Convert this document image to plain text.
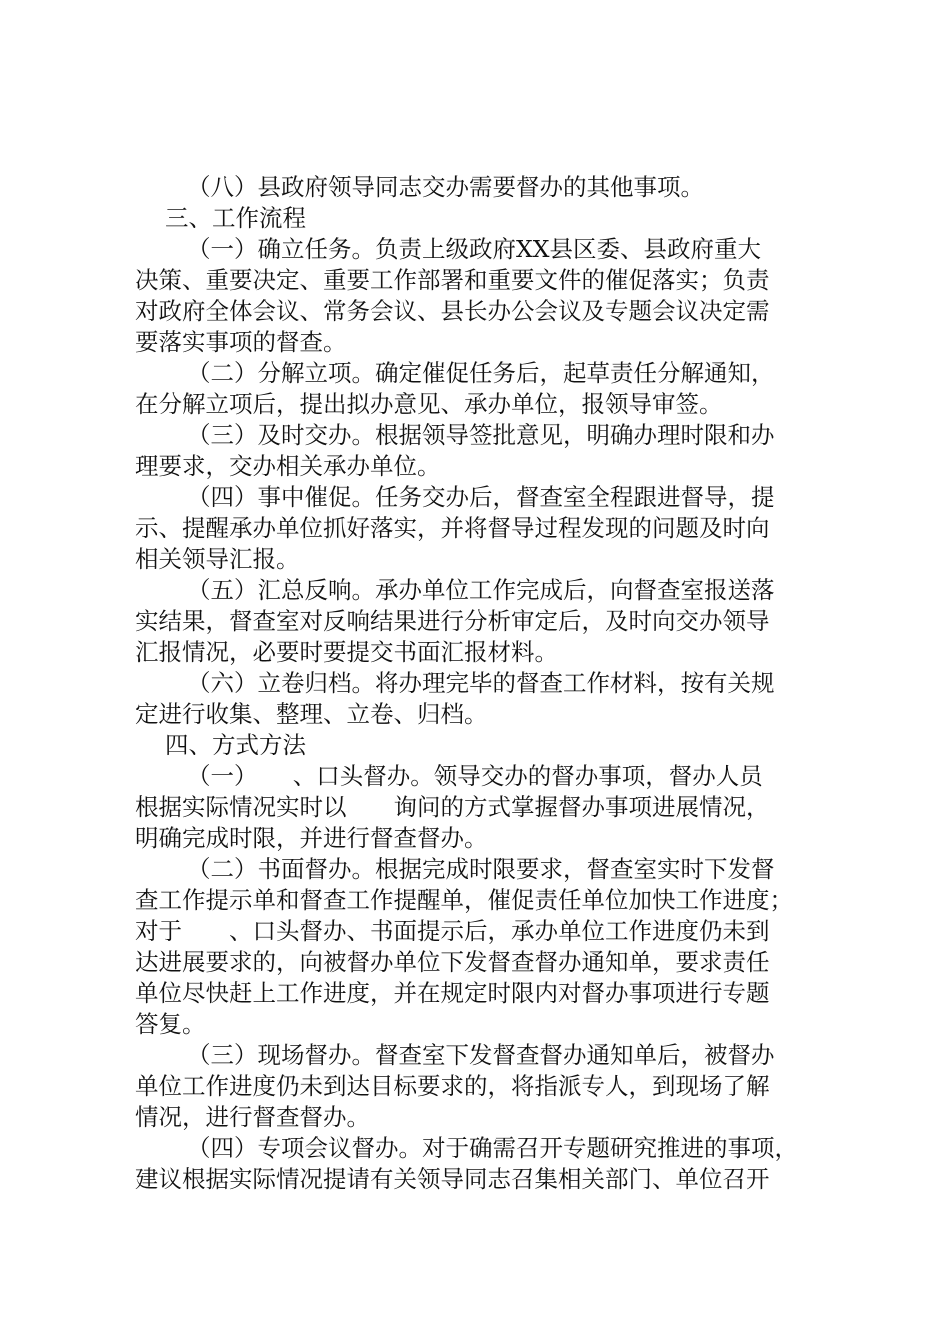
（八）县政府领导同志交办需要督办的其他事项。
三、工作流程
（一）确立任务。负责上级政府XX县区委、县政府重大
决策、重要决定、重要工作部署和重要文件的催促落实；负责
对政府全体会议、常务会议、县长办公会议及专题会议决定需
要落实事项的督查。
（二）分解立项。确定催促任务后，起草责任分解通知，
在分解立项后，提出拟办意见、承办单位，报领导审签。
（三）及时交办。根据领导签批意见，明确办理时限和办
理要求，交办相关承办单位。
（四）事中催促。任务交办后，督查室全程跟进督导，提
示、提醒承办单位抓好落实，并将督导过程发现的问题及时向
相关领导汇报。
（五）汇总反响。承办单位工作完成后，向督查室报送落
实结果，督查室对反响结果进行分析审定后，及时向交办领导
汇报情况，必要时要提交书面汇报材料。
（六）立卷归档。将办理完毕的督查工作材料，按有关规
定进行收集、整理、立卷、归档。
四、方式方法
（一）　　、口头督办。领导交办的督办事项，督办人员
根据实际情况实时以　　询问的方式掌握督办事项进展情况，
明确完成时限，并进行督查督办。
（二）书面督办。根据完成时限要求，督查室实时下发督
查工作提示单和督查工作提醒单，催促责任单位加快工作进度；
对于　　、口头督办、书面提示后，承办单位工作进度仍未到
达进展要求的，向被督办单位下发督查督办通知单，要求责任
单位尽快赶上工作进度，并在规定时限内对督办事项进行专题
答复。
（三）现场督办。督查室下发督查督办通知单后，被督办
单位工作进度仍未到达目标要求的，将指派专人，到现场了解
情况，进行督查督办。
（四）专项会议督办。对于确需召开专题研究推进的事项，
建议根据实际情况提请有关领导同志召集相关部门、单位召开
